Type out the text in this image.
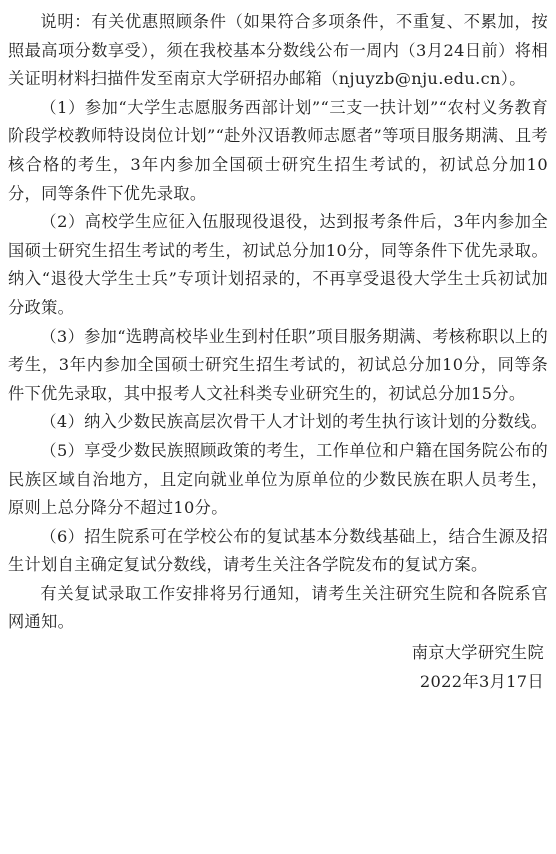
说明：有关优惠照顾条件（如果符合多项条件，不重复、不累加，按照最高项分数享受），须在我校基本分数线公布一周内（3月24日前）将相关证明材料扫描件发至南京大学研招办邮箱（njuyzb@nju.edu.cn）。

（1）参加“大学生志愿服务西部计划”“三支一扶计划”“农村义务教育阶段学校教师特设岗位计划”“赴外汉语教师志愿者”等项目服务期满、且考核合格的考生，3年内参加全国硕士研究生招生考试的，初试总分加10分，同等条件下优先录取。

（2）高校学生应征入伍服现役退役，达到报考条件后，3年内参加全国硕士研究生招生考试的考生，初试总分加10分，同等条件下优先录取。纳入“退役大学生士兵”专项计划招录的，不再享受退役大学生士兵初试加分政策。

（3）参加“选聘高校毕业生到村任职”项目服务期满、考核称职以上的考生，3年内参加全国硕士研究生招生考试的，初试总分加10分，同等条件下优先录取，其中报考人文社科类专业研究生的，初试总分加15分。

（4）纳入少数民族高层次骨干人才计划的考生执行该计划的分数线。

（5）享受少数民族照顾政策的考生，工作单位和户籍在国务院公布的民族区域自治地方，且定向就业单位为原单位的少数民族在职人员考生，原则上总分降分不超过10分。

（6）招生院系可在学校公布的复试基本分数线基础上，结合生源及招生计划自主确定复试分数线，请考生关注各学院发布的复试方案。

有关复试录取工作安排将另行通知，请考生关注研究生院和各院系官网通知。

南京大学研究生院

2022年3月17日
